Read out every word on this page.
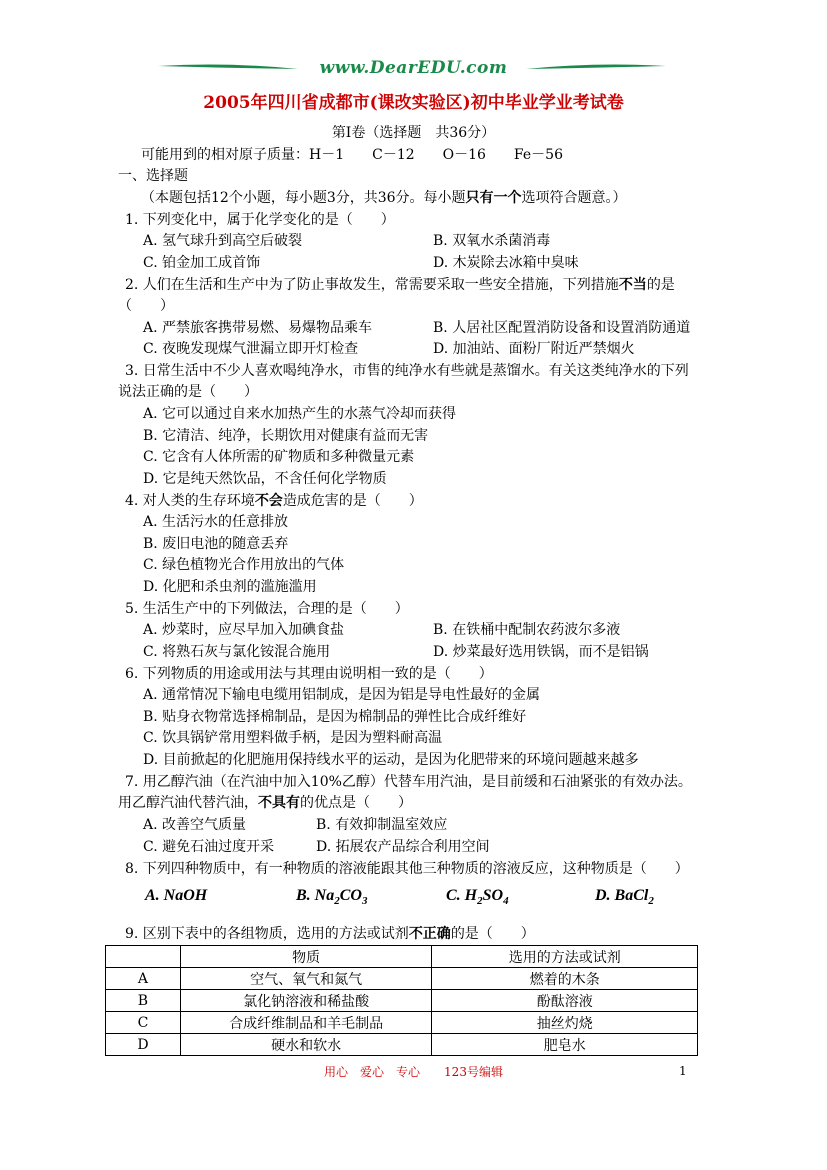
www.DearEDU.com
2005年四川省成都市(课改实验区)初中毕业学业考试卷
第Ⅰ卷（选择题　共36分）
可能用到的相对原子质量：H－1　　C－12　　O－16　　Fe－56
一、选择题
（本题包括12个小题，每小题3分，共36分。每小题只有一个选项符合题意。）
1. 下列变化中，属于化学变化的是（　　）
A. 氢气球升到高空后破裂	B. 双氧水杀菌消毒
C. 铂金加工成首饰	D. 木炭除去冰箱中臭味
2. 人们在生活和生产中为了防止事故发生，常需要采取一些安全措施，下列措施不当的是
（　　）
A. 严禁旅客携带易燃、易爆物品乘车	B. 人居社区配置消防设备和设置消防通道
C. 夜晚发现煤气泄漏立即开灯检查	D. 加油站、面粉厂附近严禁烟火
3. 日常生活中不少人喜欢喝纯净水，市售的纯净水有些就是蒸馏水。有关这类纯净水的下列
说法正确的是（　　）
A. 它可以通过自来水加热产生的水蒸气冷却而获得
B. 它清洁、纯净，长期饮用对健康有益而无害
C. 它含有人体所需的矿物质和多种微量元素
D. 它是纯天然饮品，不含任何化学物质
4. 对人类的生存环境不会造成危害的是（　　）
A. 生活污水的任意排放
B. 废旧电池的随意丢弃
C. 绿色植物光合作用放出的气体
D. 化肥和杀虫剂的滥施滥用
5. 生活生产中的下列做法，合理的是（　　）
A. 炒菜时，应尽早加入加碘食盐	B. 在铁桶中配制农药波尔多液
C. 将熟石灰与氯化铵混合施用	D. 炒菜最好选用铁锅，而不是铝锅
6. 下列物质的用途或用法与其理由说明相一致的是（　　）
A. 通常情况下输电电缆用铝制成，是因为铝是导电性最好的金属
B. 贴身衣物常选择棉制品，是因为棉制品的弹性比合成纤维好
C. 饮具锅铲常用塑料做手柄，是因为塑料耐高温
D. 目前掀起的化肥施用保持线水平的运动，是因为化肥带来的环境问题越来越多
7. 用乙醇汽油（在汽油中加入10%乙醇）代替车用汽油，是目前缓和石油紧张的有效办法。
用乙醇汽油代替汽油，不具有的优点是（　　）
A. 改善空气质量	B. 有效抑制温室效应
C. 避免石油过度开采	D. 拓展农产品综合利用空间
8. 下列四种物质中，有一种物质的溶液能跟其他三种物质的溶液反应，这种物质是（　　）
A. NaOH	B. $Na_2CO_3$	C. $H_2SO_4$	D. BaCl$_2$
9. 区别下表中的各组物质，选用的方法或试剂不正确的是（　　）
	物质	选用的方法或试剂
A	空气、氧气和氮气	燃着的木条
B	氯化钠溶液和稀盐酸	酚酞溶液
C	合成纤维制品和羊毛制品	抽丝灼烧
D	硬水和软水	肥皂水
用心　爱心　专心　　123号编辑	1
